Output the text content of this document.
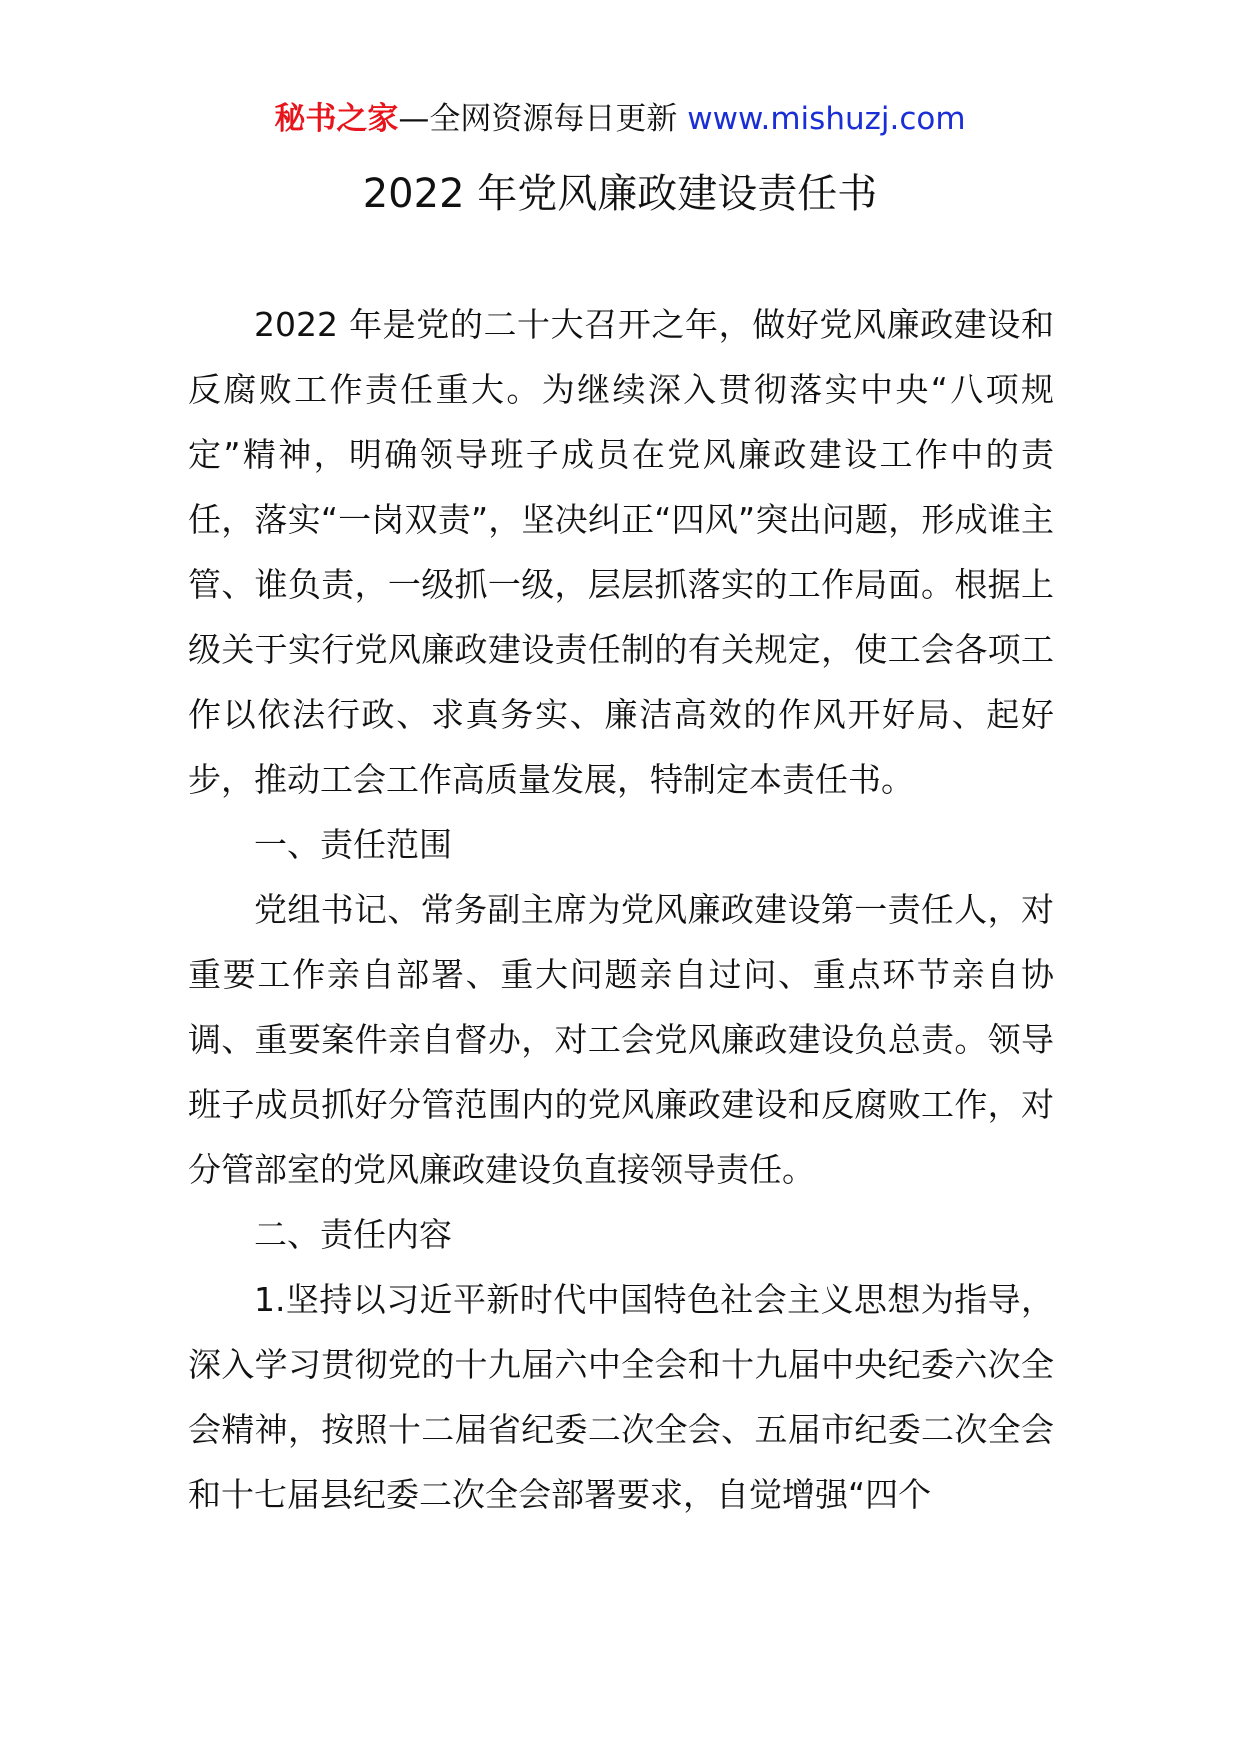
秘书之家—全网资源每日更新 www.mishuzj.com
2022 年党风廉政建设责任书

2022 年是党的二十大召开之年，做好党风廉政建设和反腐败工作责任重大。为继续深入贯彻落实中央“八项规定”精神，明确领导班子成员在党风廉政建设工作中的责任，落实“一岗双责”，坚决纠正“四风”突出问题，形成谁主管、谁负责，一级抓一级，层层抓落实的工作局面。根据上级关于实行党风廉政建设责任制的有关规定，使工会各项工作以依法行政、求真务实、廉洁高效的作风开好局、起好步，推动工会工作高质量发展，特制定本责任书。

一、责任范围

党组书记、常务副主席为党风廉政建设第一责任人，对重要工作亲自部署、重大问题亲自过问、重点环节亲自协调、重要案件亲自督办，对工会党风廉政建设负总责。领导班子成员抓好分管范围内的党风廉政建设和反腐败工作，对分管部室的党风廉政建设负直接领导责任。

二、责任内容

1.坚持以习近平新时代中国特色社会主义思想为指导，深入学习贯彻党的十九届六中全会和十九届中央纪委六次全会精神，按照十二届省纪委二次全会、五届市纪委二次全会和十七届县纪委二次全会部署要求，自觉增强“四个
